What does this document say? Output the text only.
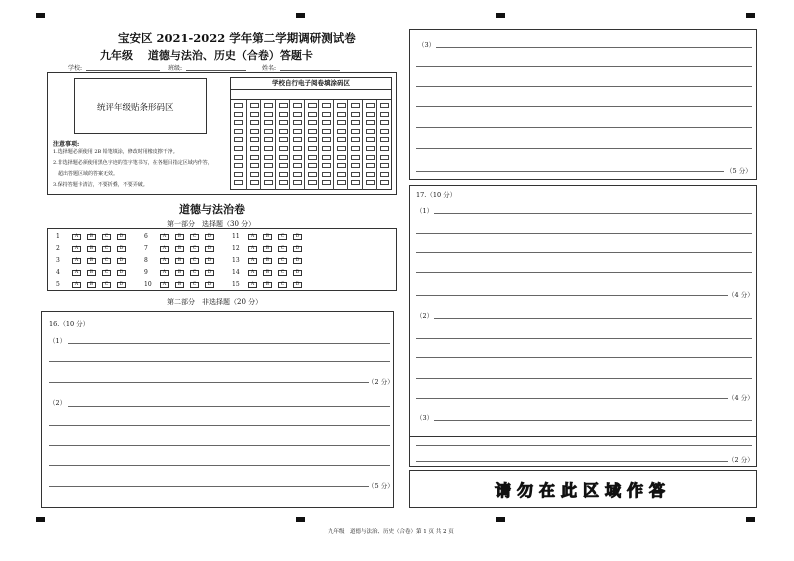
宝安区 2021-2022 学年第二学期调研测试卷
九年级　 道德与法治、历史（合卷）答题卡
学校:	班级:	姓名:
统评年级贴条形码区
注意事项:
1.选择题必须使用 2B 铅笔填涂，修改时用橡皮擦干净。
2.非选择题必须使用黑色字迹的签字笔书写，在各题目指定区域内作答，
　超出答题区域的答案无效。
3.保持答题卡清洁，不要折叠，不要弄破。
学校自行电子阅卷填涂码区
道德与法治卷
第一部分　选择题（30 分）
1	A	B	C	D
2	A	B	C	D
3	A	B	C	D
4	A	B	C	D
5	A	B	C	D
6	A	B	C	D
7	A	B	C	D
8	A	B	C	D
9	A	B	C	D
10	A	B	C	D
11	A	B	C	D
12	A	B	C	D
13	A	B	C	D
14	A	B	C	D
15	A	B	C	D
第二部分　非选择题（20 分）
16.（10 分）
（1）
（2 分）
（2）
（5 分）
（3）
（5 分）
17.（10 分）
（1）
（4 分）
（2）
（4 分）
（3）
（2 分）
请勿在此区域作答
九年级　道德与法治、历史（合卷）第 1 页 共 2 页
